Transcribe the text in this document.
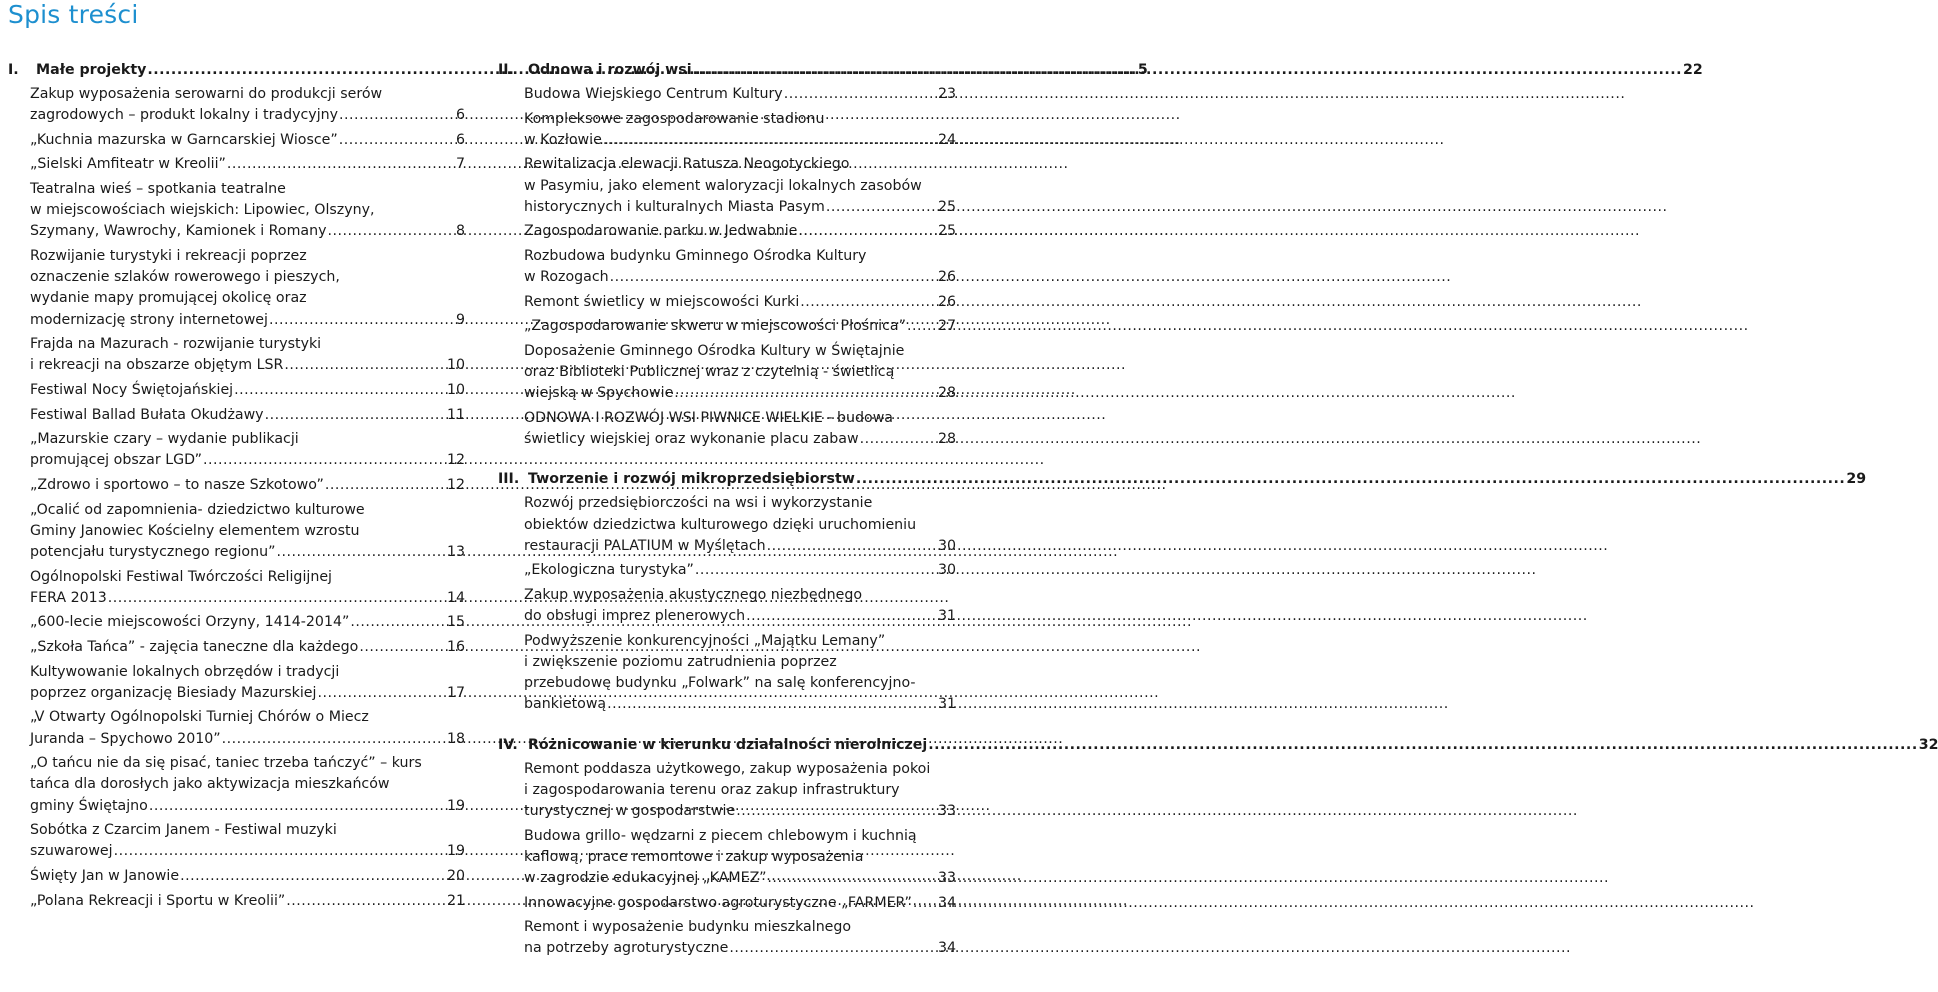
Spis treści
I.	Małe projekty .....	5
Zakup wyposażenia serowarni do produkcji serów
zagrodowych – produkt lokalny i tradycyjny .....	6
„Kuchnia mazurska w Garncarskiej Wiosce” .....	6
„Sielski Amfiteatr w Kreolii” .....	7
Teatralna wieś – spotkania teatralne
w miejscowościach wiejskich: Lipowiec, Olszyny,
Szymany, Wawrochy, Kamionek i Romany .....	8
Rozwijanie turystyki i rekreacji poprzez
oznaczenie szlaków rowerowego i pieszych,
wydanie mapy promującej okolicę oraz
modernizację strony internetowej .....	9
Frajda na Mazurach - rozwijanie turystyki
i rekreacji na obszarze objętym LSR .....	10
Festiwal Nocy Świętojańskiej .....	10
Festiwal Ballad Bułata Okudżawy .....	11
„Mazurskie czary – wydanie publikacji
promującej obszar LGD” .....	12
„Zdrowo i sportowo – to nasze Szkotowo” .....	12
„Ocalić od zapomnienia- dziedzictwo kulturowe
Gminy Janowiec Kościelny elementem wzrostu
potencjału turystycznego regionu” .....	13
Ogólnopolski Festiwal Twórczości Religijnej
FERA 2013 .....	14
„600-lecie miejscowości Orzyny, 1414-2014” .....	15
„Szkoła Tańca” - zajęcia taneczne dla każdego .....	16
Kultywowanie lokalnych obrzędów i tradycji
poprzez organizację Biesiady Mazurskiej .....	17
„V Otwarty Ogólnopolski Turniej Chórów o Miecz
Juranda – Spychowo 2010” .....	18
„O tańcu nie da się pisać, taniec trzeba tańczyć” – kurs
tańca dla dorosłych jako aktywizacja mieszkańców
gminy Świętajno .....	19
Sobótka z Czarcim Janem - Festiwal muzyki
szuwarowej .....	19
Święty Jan w Janowie .....	20
„Polana Rekreacji i Sportu w Kreolii” .....	21
II. Odnowa i rozwój wsi .....	22
Budowa Wiejskiego Centrum Kultury .....	23
Kompleksowe zagospodarowanie stadionu
w Kozłowie .....	24
Rewitalizacja elewacji Ratusza Neogotyckiego
w Pasymiu, jako element waloryzacji lokalnych zasobów
historycznych i kulturalnych Miasta Pasym .....	25
Zagospodarowanie parku w Jedwabnie .....	25
Rozbudowa budynku Gminnego Ośrodka Kultury
w Rozogach .....	26
Remont świetlicy w miejscowości Kurki .....	26
„Zagospodarowanie skweru w miejscowości Płośnica” ..... 27
Doposażenie Gminnego Ośrodka Kultury w Świętajnie
oraz Biblioteki Publicznej wraz z czytelnią - świetlicą
wiejską w Spychowie .....	28
ODNOWA I ROZWÓJ WSI PIWNICE WIELKIE - budowa
świetlicy wiejskiej oraz wykonanie placu zabaw .....	28
III. Tworzenie i rozwój mikroprzedsiębiorstw .....	29
Rozwój przedsiębiorczości na wsi i wykorzystanie
obiektów dziedzictwa kulturowego dzięki uruchomieniu
restauracji PALATIUM w Myślętach .....	30
„Ekologiczna turystyka” .....	30
Zakup wyposażenia akustycznego niezbędnego
do obsługi imprez plenerowych .....	31
Podwyższenie konkurencyjności „Majątku Lemany”
i zwiększenie poziomu zatrudnienia poprzez
przebudowę budynku „Folwark” na salę konferencyjno-
bankietową .....	31
IV. Różnicowanie w kierunku działalności nierolniczej .....	32
Remont poddasza użytkowego, zakup wyposażenia pokoi
i zagospodarowania terenu oraz zakup infrastruktury
turystycznej w gospodarstwie .....	33
Budowa grillo- wędzarni z piecem chlebowym i kuchnią
kaflową, prace remontowe i zakup wyposażenia
w zagrodzie edukacyjnej „KAMEZ” .....	33
Innowacyjne gospodarstwo agroturystyczne „FARMER” ..... 34
Remont i wyposażenie budynku mieszkalnego
na potrzeby agroturystyczne .....	34
